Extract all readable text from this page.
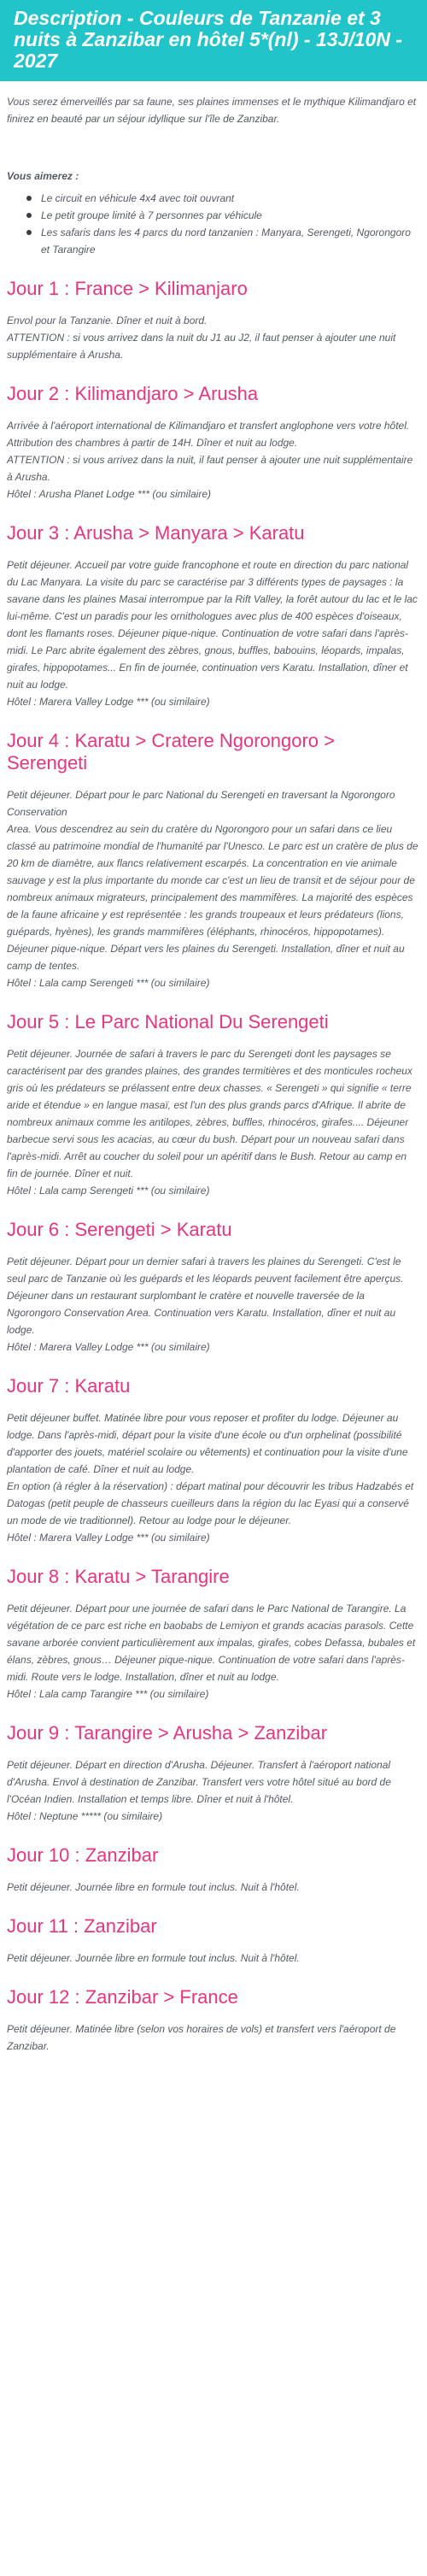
Description - Couleurs de Tanzanie et 3 nuits à Zanzibar en hôtel 5*(nl) - 13J/10N - 2027

Vous serez émerveillés par sa faune, ses plaines immenses et le mythique Kilimandjaro et finirez en beauté par un séjour idyllique sur l'île de Zanzibar.

Vous aimerez :

Le circuit en véhicule 4x4 avec toit ouvrant
Le petit groupe limité à 7 personnes par véhicule
Les safaris dans les 4 parcs du nord tanzanien : Manyara, Serengeti, Ngorongoro et Tarangire
Jour 1 : France > Kilimanjaro

Envol pour la Tanzanie. Dîner et nuit à bord.
ATTENTION : si vous arrivez dans la nuit du J1 au J2, il faut penser à ajouter une nuit supplémentaire à Arusha.

Jour 2 : Kilimandjaro > Arusha

Arrivée à l'aéroport international de Kilimandjaro et transfert anglophone vers votre hôtel. Attribution des chambres à partir de 14H. Dîner et nuit au lodge.
ATTENTION : si vous arrivez dans la nuit, il faut penser à ajouter une nuit supplémentaire à Arusha.
Hôtel : Arusha Planet Lodge *** (ou similaire)

Jour 3 : Arusha > Manyara > Karatu

Petit déjeuner. Accueil par votre guide francophone et route en direction du parc national du Lac Manyara. La visite du parc se caractérise par 3 différents types de paysages : la savane dans les plaines Masai interrompue par la Rift Valley, la forêt autour du lac et le lac lui-même. C'est un paradis pour les ornithologues avec plus de 400 espèces d'oiseaux, dont les flamants roses. Déjeuner pique-nique. Continuation de votre safari dans l'après-midi. Le Parc abrite également des zèbres, gnous, buffles, babouins, léopards, impalas, girafes, hippopotames... En fin de journée, continuation vers Karatu. Installation, dîner et nuit au lodge.
Hôtel : Marera Valley Lodge *** (ou similaire)

Jour 4 : Karatu > Cratere Ngorongoro > Serengeti

Petit déjeuner. Départ pour le parc National du Serengeti en traversant la Ngorongoro Conservation
Area. Vous descendrez au sein du cratère du Ngorongoro pour un safari dans ce lieu classé au patrimoine mondial de l'humanité par l'Unesco. Le parc est un cratère de plus de 20 km de diamètre, aux flancs relativement escarpés. La concentration en vie animale sauvage y est la plus importante du monde car c'est un lieu de transit et de séjour pour de nombreux animaux migrateurs, principalement des mammifères. La majorité des espèces de la faune africaine y est représentée : les grands troupeaux et leurs prédateurs (lions, guépards, hyènes), les grands mammifères (éléphants, rhinocéros, hippopotames). Déjeuner pique-nique. Départ vers les plaines du Serengeti. Installation, dîner et nuit au camp de tentes.
Hôtel : Lala camp Serengeti *** (ou similaire)

Jour 5 : Le Parc National Du Serengeti

Petit déjeuner. Journée de safari à travers le parc du Serengeti dont les paysages se caractérisent par des grandes plaines, des grandes termitières et des monticules rocheux gris où les prédateurs se prélassent entre deux chasses. « Serengeti » qui signifie « terre aride et étendue » en langue masaï, est l'un des plus grands parcs d'Afrique. Il abrite de nombreux animaux comme les antilopes, zèbres, buffles, rhinocéros, girafes.... Déjeuner barbecue servi sous les acacias, au cœur du bush. Départ pour un nouveau safari dans l'après-midi. Arrêt au coucher du soleil pour un apéritif dans le Bush. Retour au camp en fin de journée. Dîner et nuit.
Hôtel : Lala camp Serengeti *** (ou similaire)

Jour 6 : Serengeti > Karatu

Petit déjeuner. Départ pour un dernier safari à travers les plaines du Serengeti. C'est le seul parc de Tanzanie où les guépards et les léopards peuvent facilement être aperçus. Déjeuner dans un restaurant surplombant le cratère et nouvelle traversée de la Ngorongoro Conservation Area. Continuation vers Karatu. Installation, dîner et nuit au lodge.
Hôtel : Marera Valley Lodge *** (ou similaire)

Jour 7 : Karatu

Petit déjeuner buffet. Matinée libre pour vous reposer et profiter du lodge. Déjeuner au lodge. Dans l'après-midi, départ pour la visite d'une école ou d'un orphelinat (possibilité d'apporter des jouets, matériel scolaire ou vêtements) et continuation pour la visite d'une plantation de café. Dîner et nuit au lodge.
En option (à régler à la réservation) : départ matinal pour découvrir les tribus Hadzabés et Datogas (petit peuple de chasseurs cueilleurs dans la région du lac Eyasi qui a conservé un mode de vie traditionnel). Retour au lodge pour le déjeuner.
Hôtel : Marera Valley Lodge *** (ou similaire)

Jour 8 : Karatu > Tarangire

Petit déjeuner. Départ pour une journée de safari dans le Parc National de Tarangire. La végétation de ce parc est riche en baobabs de Lemiyon et grands acacias parasols. Cette savane arborée convient particulièrement aux impalas, girafes, cobes Defassa, bubales et élans, zèbres, gnous… Déjeuner pique-nique. Continuation de votre safari dans l'après-midi. Route vers le lodge. Installation, dîner et nuit au lodge.
Hôtel : Lala camp Tarangire *** (ou similaire)

Jour 9 : Tarangire > Arusha > Zanzibar

Petit déjeuner. Départ en direction d'Arusha. Déjeuner. Transfert à l'aéroport national d'Arusha. Envol à destination de Zanzibar. Transfert vers votre hôtel situé au bord de l'Océan Indien. Installation et temps libre. Dîner et nuit à l'hôtel.
Hôtel : Neptune ***** (ou similaire)

Jour 10 : Zanzibar

Petit déjeuner. Journée libre en formule tout inclus. Nuit à l'hôtel.

Jour 11 : Zanzibar

Petit déjeuner. Journée libre en formule tout inclus. Nuit à l'hôtel.

Jour 12 : Zanzibar > France

Petit déjeuner. Matinée libre (selon vos horaires de vols) et transfert vers l'aéroport de Zanzibar.
